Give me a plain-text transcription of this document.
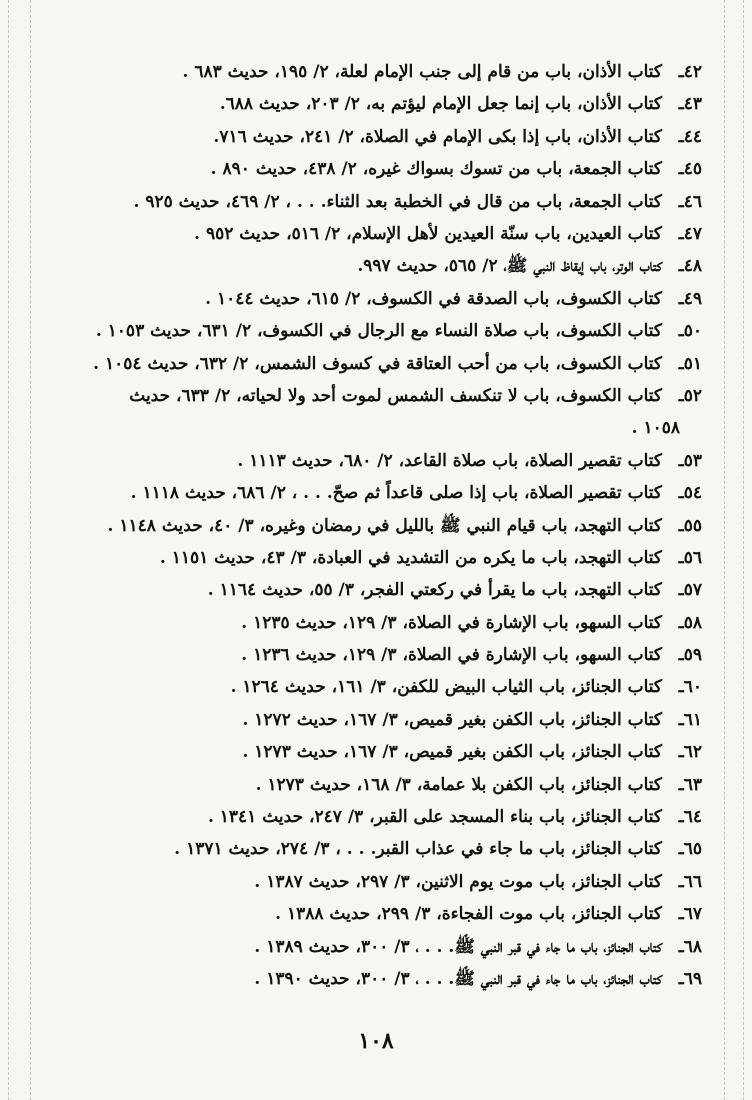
٤٢ـكتاب الأذان، باب من قام إلى جنب الإمام لعلة، ٢/ ١٩٥، حديث ٦٨٣ .
٤٣ـكتاب الأذان، باب إنما جعل الإمام ليؤتم به، ٢/ ٢٠٣، حديث ٦٨٨.
٤٤ـكتاب الأذان، باب إذا بكى الإمام في الصلاة، ٢/ ٢٤١، حديث ٧١٦.
٤٥ـكتاب الجمعة، باب من تسوك بسواك غيره، ٢/ ٤٣٨، حديث ٨٩٠ .
٤٦ـكتاب الجمعة، باب من قال في الخطبة بعد الثناء. . . ، ٢/ ٤٦٩، حديث ٩٢٥ .
٤٧ـكتاب العيدين، باب سنّة العيدين لأهل الإسلام، ٢/ ٥١٦، حديث ٩٥٢ .
٤٨ـكتاب الوتر، باب إيقاظ النبي ﷺ، ٢/ ٥٦٥، حديث ٩٩٧.
٤٩ـكتاب الكسوف، باب الصدقة في الكسوف، ٢/ ٦١٥، حديث ١٠٤٤ .
٥٠ـكتاب الكسوف، باب صلاة النساء مع الرجال في الكسوف، ٢/ ٦٣١، حديث ١٠٥٣ .
٥١ـكتاب الكسوف، باب من أحب العتاقة في كسوف الشمس، ٢/ ٦٣٢، حديث ١٠٥٤ .
٥٢ـكتاب الكسوف، باب لا تنكسف الشمس لموت أحد ولا لحياته، ٢/ ٦٣٣، حديث
١٠٥٨ .
٥٣ـكتاب تقصير الصلاة، باب صلاة القاعد، ٢/ ٦٨٠، حديث ١١١٣ .
٥٤ـكتاب تقصير الصلاة، باب إذا صلى قاعداً ثم صحّ. . . ، ٢/ ٦٨٦، حديث ١١١٨ .
٥٥ـكتاب التهجد، باب قيام النبي ﷺ بالليل في رمضان وغيره، ٣/ ٤٠، حديث ١١٤٨ .
٥٦ـكتاب التهجد، باب ما يكره من التشديد في العبادة، ٣/ ٤٣، حديث ١١٥١ .
٥٧ـكتاب التهجد، باب ما يقرأ في ركعتي الفجر، ٣/ ٥٥، حديث ١١٦٤ .
٥٨ـكتاب السهو، باب الإشارة في الصلاة، ٣/ ١٢٩، حديث ١٢٣٥ .
٥٩ـكتاب السهو، باب الإشارة في الصلاة، ٣/ ١٢٩، حديث ١٢٣٦ .
٦٠ـكتاب الجنائز، باب الثياب البيض للكفن، ٣/ ١٦١، حديث ١٢٦٤ .
٦١ـكتاب الجنائز، باب الكفن بغير قميص، ٣/ ١٦٧، حديث ١٢٧٢ .
٦٢ـكتاب الجنائز، باب الكفن بغير قميص، ٣/ ١٦٧، حديث ١٢٧٣ .
٦٣ـكتاب الجنائز، باب الكفن بلا عمامة، ٣/ ١٦٨، حديث ١٢٧٣ .
٦٤ـكتاب الجنائز، باب بناء المسجد على القبر، ٣/ ٢٤٧، حديث ١٣٤١ .
٦٥ـكتاب الجنائز، باب ما جاء في عذاب القبر. . . ، ٣/ ٢٧٤، حديث ١٣٧١ .
٦٦ـكتاب الجنائز، باب موت يوم الاثنين، ٣/ ٢٩٧، حديث ١٣٨٧ .
٦٧ـكتاب الجنائز، باب موت الفجاءة، ٣/ ٢٩٩، حديث ١٣٨٨ .
٦٨ـكتاب الجنائز، باب ما جاء في قبر النبي ﷺ. . . ، ٣/ ٣٠٠، حديث ١٣٨٩ .
٦٩ـكتاب الجنائز، باب ما جاء في قبر النبي ﷺ. . . ، ٣/ ٣٠٠، حديث ١٣٩٠ .
١٠٨
